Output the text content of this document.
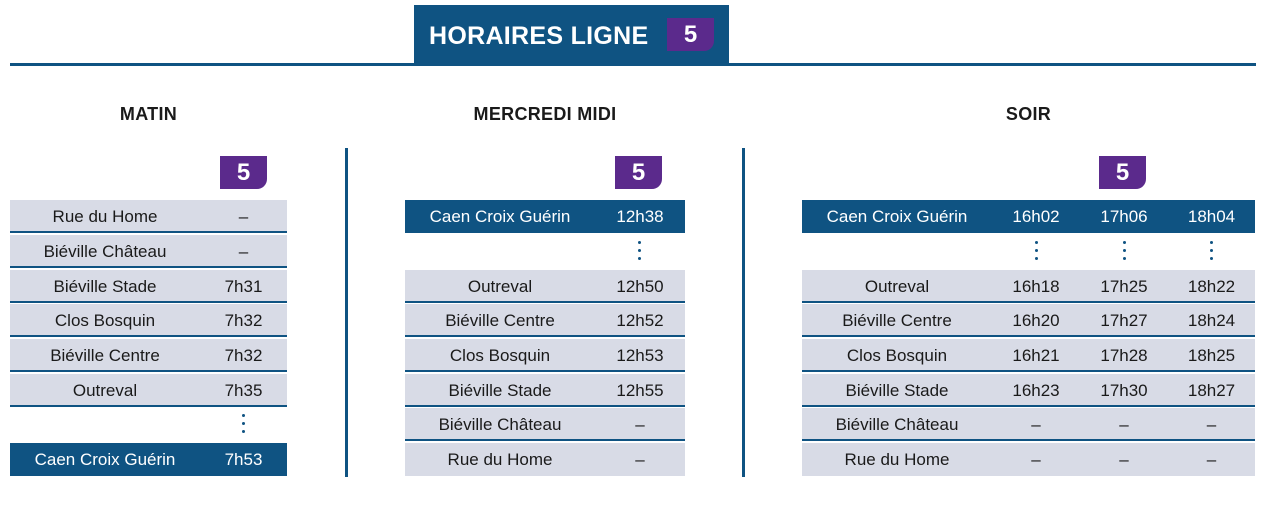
HORAIRES LIGNE	5
MATIN	MERCREDI MIDI	SOIR
5	5	5
Rue du Home	–
Biéville Château	–
Biéville Stade	7h31
Clos Bosquin	7h32
Biéville Centre	7h32
Outreval	7h35
Caen Croix Guérin	7h53
Caen Croix Guérin	12h38
Outreval	12h50
Biéville Centre	12h52
Clos Bosquin	12h53
Biéville Stade	12h55
Biéville Château	–
Rue du Home	–
Caen Croix Guérin	16h02	17h06	18h04
Outreval	16h18	17h25	18h22
Biéville Centre	16h20	17h27	18h24
Clos Bosquin	16h21	17h28	18h25
Biéville Stade	16h23	17h30	18h27
Biéville Château	–	–	–
Rue du Home	–	–	–
